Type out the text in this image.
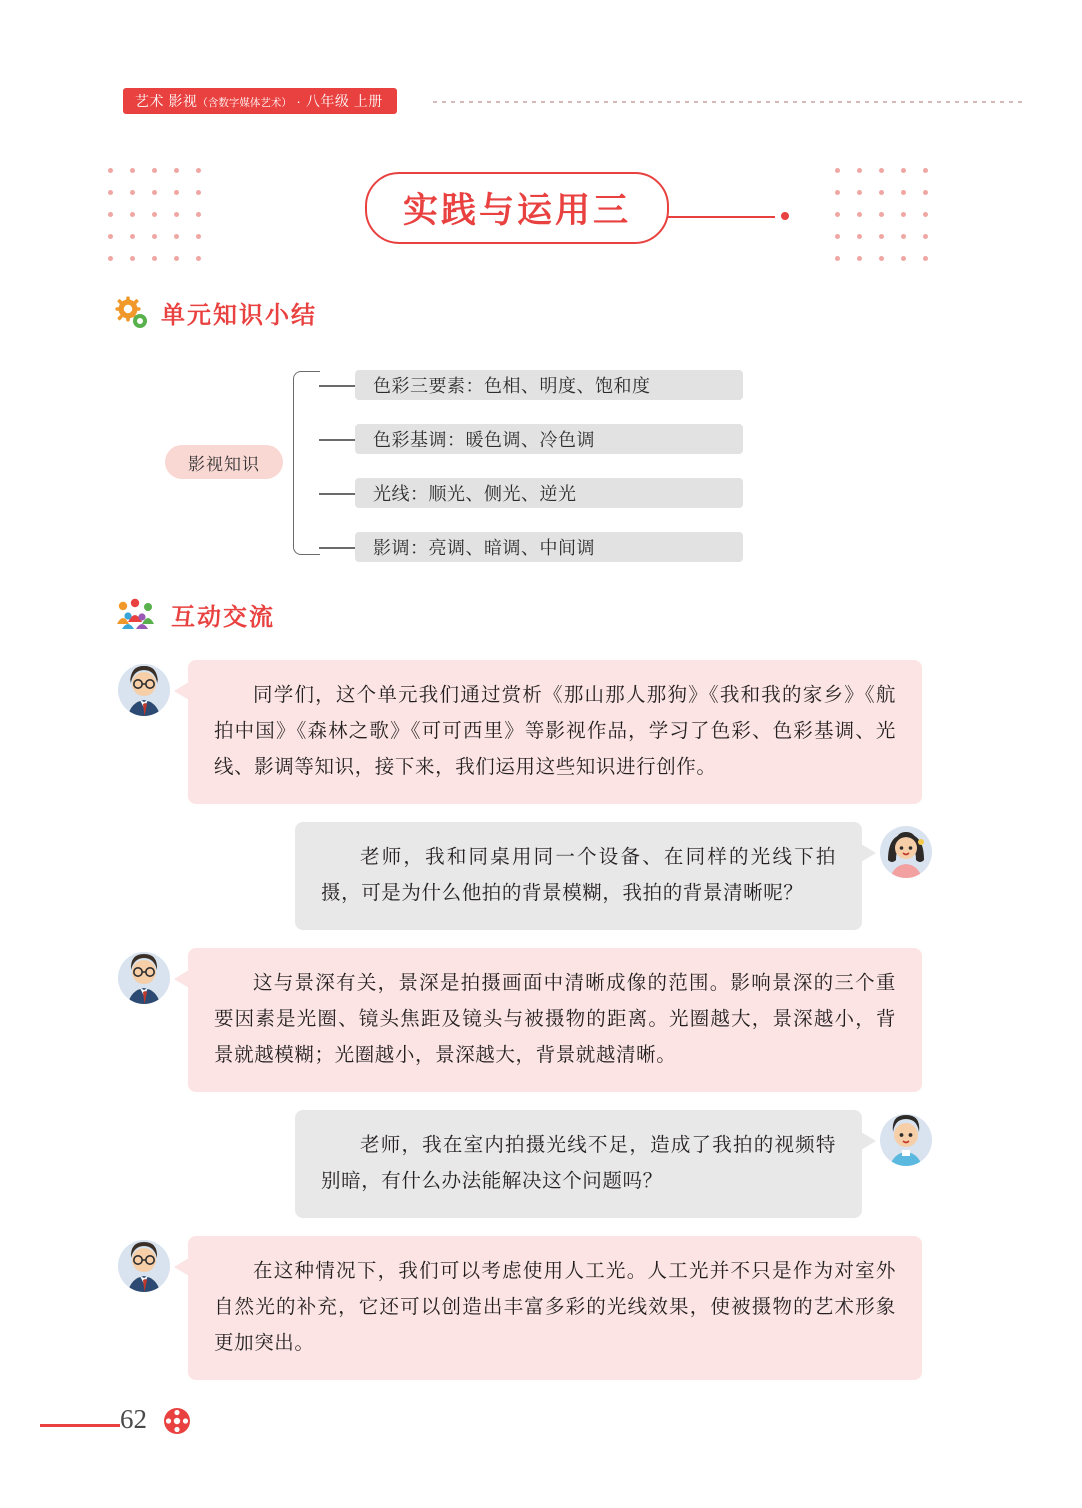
艺术 影视（含数字媒体艺术） · 八年级 上册
实践与运用三
单元知识小结
影视知识
色彩三要素：色相、明度、饱和度
色彩基调：暖色调、冷色调
光线：顺光、侧光、逆光
影调：亮调、暗调、中间调
互动交流

同学们，这个单元我们通过赏析《那山那人那狗》《我和我的家乡》《航拍中国》《森林之歌》《可可西里》等影视作品，学习了色彩、色彩基调、光线、影调等知识，接下来，我们运用这些知识进行创作。

老师，我和同桌用同一个设备、在同样的光线下拍摄，可是为什么他拍的背景模糊，我拍的背景清晰呢？

这与景深有关，景深是拍摄画面中清晰成像的范围。影响景深的三个重要因素是光圈、镜头焦距及镜头与被摄物的距离。光圈越大，景深越小，背景就越模糊；光圈越小，景深越大，背景就越清晰。

老师，我在室内拍摄光线不足，造成了我拍的视频特别暗，有什么办法能解决这个问题吗？

在这种情况下，我们可以考虑使用人工光。人工光并不只是作为对室外自然光的补充，它还可以创造出丰富多彩的光线效果，使被摄物的艺术形象更加突出。

62
